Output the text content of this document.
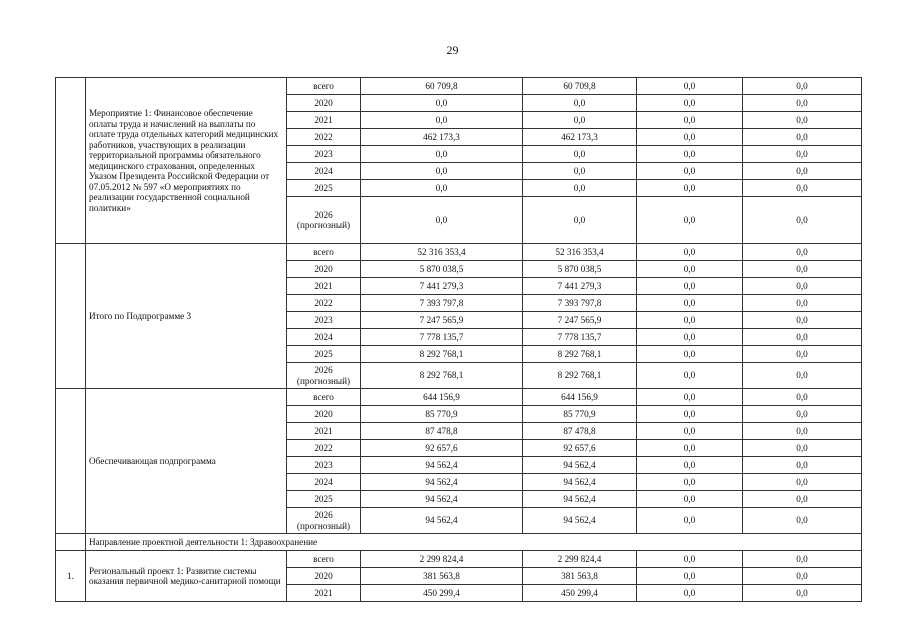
29
	Мероприятие 1: Финансовое обеспечение оплаты труда и начислений на выплаты по оплате труда отдельных категорий медицинских работников, участвующих в реализации территориальной программы обязательного медицинского страхования, определенных Указом Президента Российской Федерации от 07.05.2012 № 597 «О мероприятиях по реализации государственной социальной политики»	всего	60 709,8	60 709,8	0,0	0,0
		2020	0,0	0,0	0,0	0,0
		2021	0,0	0,0	0,0	0,0
		2022	462 173,3	462 173,3	0,0	0,0
		2023	0,0	0,0	0,0	0,0
		2024	0,0	0,0	0,0	0,0
		2025	0,0	0,0	0,0	0,0
		2026 (прогнозный)	0,0	0,0	0,0	0,0
	Итого по Подпрограмме 3	всего	52 316 353,4	52 316 353,4	0,0	0,0
		2020	5 870 038,5	5 870 038,5	0,0	0,0
		2021	7 441 279,3	7 441 279,3	0,0	0,0
		2022	7 393 797,8	7 393 797,8	0,0	0,0
		2023	7 247 565,9	7 247 565,9	0,0	0,0
		2024	7 778 135,7	7 778 135,7	0,0	0,0
		2025	8 292 768,1	8 292 768,1	0,0	0,0
		2026 (прогнозный)	8 292 768,1	8 292 768,1	0,0	0,0
	Обеспечивающая подпрограмма	всего	644 156,9	644 156,9	0,0	0,0
		2020	85 770,9	85 770,9	0,0	0,0
		2021	87 478,8	87 478,8	0,0	0,0
		2022	92 657,6	92 657,6	0,0	0,0
		2023	94 562,4	94 562,4	0,0	0,0
		2024	94 562,4	94 562,4	0,0	0,0
		2025	94 562,4	94 562,4	0,0	0,0
		2026 (прогнозный)	94 562,4	94 562,4	0,0	0,0
	Направление проектной деятельности 1: Здравоохранение					
1.	Региональный проект 1: Развитие системы оказания первичной медико-санитарной помощи	всего	2 299 824,4	2 299 824,4	0,0	0,0
		2020	381 563,8	381 563,8	0,0	0,0
		2021	450 299,4	450 299,4	0,0	0,0
